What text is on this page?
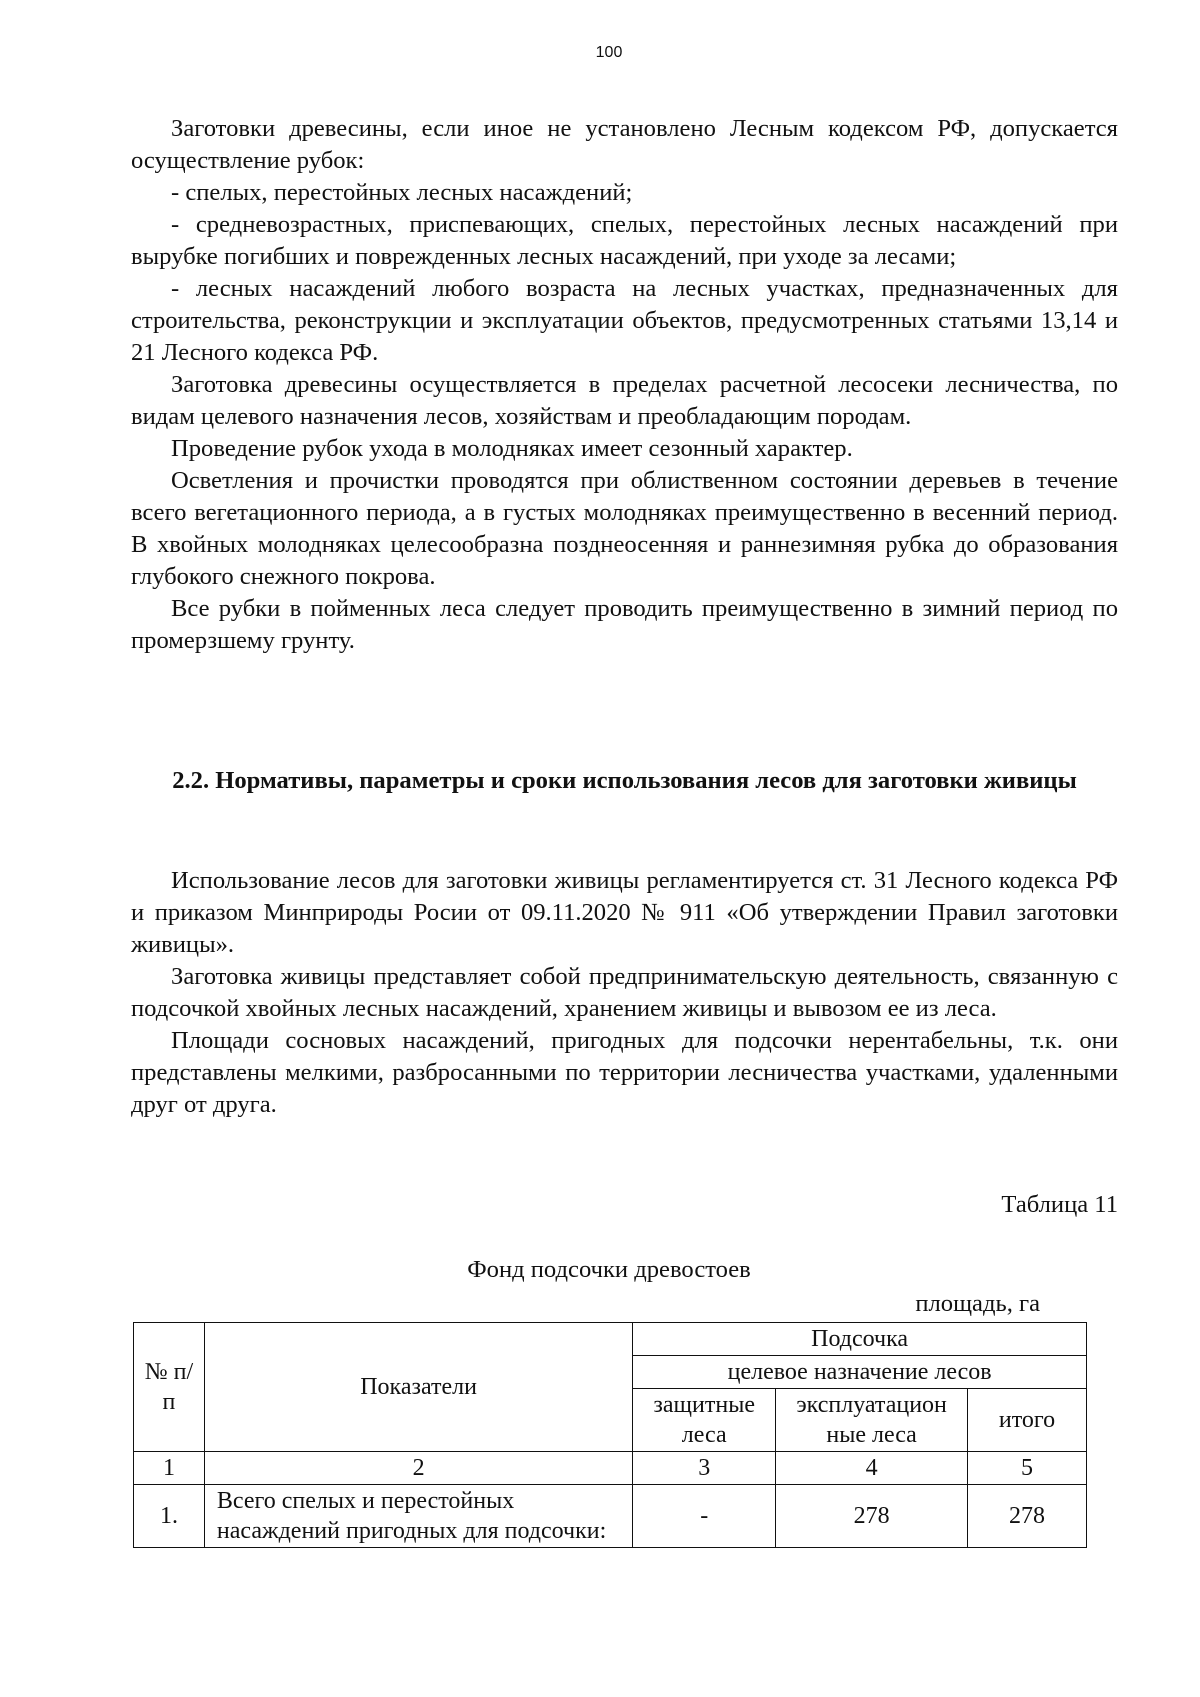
100

Заготовки древесины, если иное не установлено Лесным кодексом РФ, допускается осуществление рубок:

- спелых, перестойных лесных насаждений;

- средневозрастных, приспевающих, спелых, перестойных лесных насаждений при вырубке погибших и поврежденных лесных насаждений, при уходе за лесами;

- лесных насаждений любого возраста на лесных участках, предназначенных для строительства, реконструкции и эксплуатации объектов, предусмотренных статьями 13,14 и 21 Лесного кодекса РФ.

Заготовка древесины осуществляется в пределах расчетной лесосеки лесничества, по видам целевого назначения лесов, хозяйствам и преобладающим породам.

Проведение рубок ухода в молодняках имеет сезонный характер.

Осветления и прочистки проводятся при облиственном состоянии деревьев в течение всего вегетационного периода, а в густых молодняках преимущественно в весенний период. В хвойных молодняках целесообразна позднеосенняя и раннезимняя рубка до образования глубокого снежного покрова.

Все рубки в пойменных леса следует проводить преимущественно в зимний период по промерзшему грунту.

2.2. Нормативы, параметры и сроки использования лесов для заготовки живицы

Использование лесов для заготовки живицы регламентируется ст. 31 Лесного кодекса РФ и приказом Минприроды Росии от 09.11.2020 № 911 «Об утверждении Правил заготовки живицы».

Заготовка живицы представляет собой предпринимательскую деятельность, связанную с подсочкой хвойных лесных насаждений, хранением живицы и вывозом ее из леса.

Площади сосновых насаждений, пригодных для подсочки нерентабельны, т.к. они представлены мелкими, разбросанными по территории лесничества участками, удаленными друг от друга.

Таблица 11
Фонд подсочки древостоев
площадь, га
№ п/п	Показатели	Подсочка		
		целевое назначение лесов		
		защитные леса	эксплуатацион ные леса	итого
1	2	3	4	5
1.	Всего спелых и перестойных насаждений пригодных для подсочки:	-	278	278
